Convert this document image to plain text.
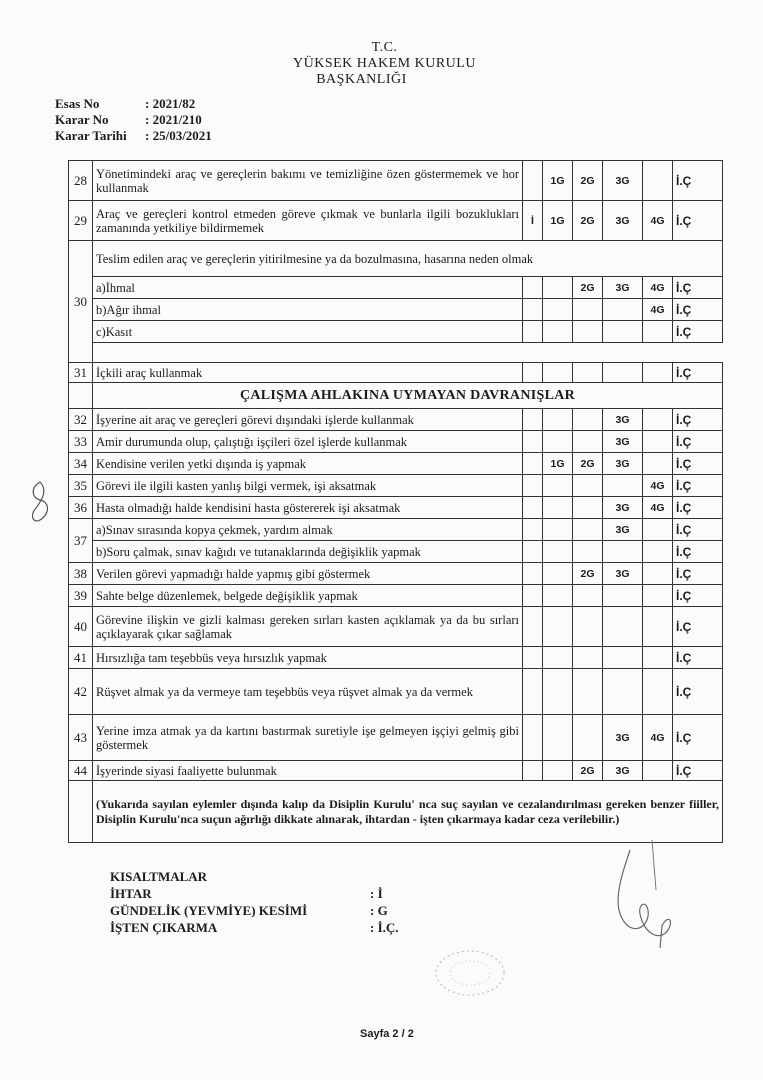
T.C.
YÜKSEK HAKEM KURULU
BAŞKANLIĞI
Esas No	: 2021/82
Karar No	: 2021/210
Karar Tarihi	: 25/03/2021
28	Yönetimindeki araç ve gereçlerin bakımı ve temizliğine özen göstermemek ve hor kullanmak		1G	2G	3G		İ.Ç
29	Araç ve gereçleri kontrol etmeden göreve çıkmak ve bunlarla ilgili bozuklukları zamanında yetkiliye bildirmemek	İ	1G	2G	3G	4G	İ.Ç
30	Teslim edilen araç ve gereçlerin yitirilmesine ya da bozulmasına, hasarına neden olmak						
	a)İhmal			2G	3G	4G	İ.Ç
	b)Ağır ihmal					4G	İ.Ç
	c)Kasıt						İ.Ç

31	İçkili araç kullanmak						İ.Ç
	ÇALIŞMA AHLAKINA UYMAYAN DAVRANIŞLAR						
32	İşyerine ait araç ve gereçleri görevi dışındaki işlerde kullanmak				3G		İ.Ç
33	Amir durumunda olup, çalıştığı işçileri özel işlerde kullanmak				3G		İ.Ç
34	Kendisine verilen yetki dışında iş yapmak		1G	2G	3G		İ.Ç
35	Görevi ile ilgili kasten yanlış bilgi vermek, işi aksatmak					4G	İ.Ç
36	Hasta olmadığı halde kendisini hasta göstererek işi aksatmak				3G	4G	İ.Ç
37	a)Sınav sırasında kopya çekmek, yardım almak				3G		İ.Ç
	b)Soru çalmak, sınav kağıdı ve tutanaklarında değişiklik yapmak						İ.Ç
38	Verilen görevi yapmadığı halde yapmış gibi göstermek			2G	3G		İ.Ç
39	Sahte belge düzenlemek, belgede değişiklik yapmak						İ.Ç
40	Görevine ilişkin ve gizli kalması gereken sırları kasten açıklamak ya da bu sırları açıklayarak çıkar sağlamak						İ.Ç
41	Hırsızlığa tam teşebbüs veya hırsızlık yapmak						İ.Ç
42	Rüşvet almak ya da vermeye tam teşebbüs veya rüşvet almak ya da vermek						İ.Ç
43	Yerine imza atmak ya da kartını bastırmak suretiyle işe gelmeyen işçiyi gelmiş gibi göstermek				3G	4G	İ.Ç
44	İşyerinde siyasi faaliyette bulunmak			2G	3G		İ.Ç
	(Yukarıda sayılan eylemler dışında kalıp da Disiplin Kurulu' nca suç sayılan ve cezalandırılması gereken benzer fiiller, Disiplin Kurulu'nca suçun ağırlığı dikkate alınarak, ihtardan - işten çıkarmaya kadar ceza verilebilir.)						
KISALTMALAR
İHTAR	: İ
GÜNDELİK (YEVMİYE) KESİMİ	: G
İŞTEN ÇIKARMA	: İ.Ç.
Sayfa 2 / 2
